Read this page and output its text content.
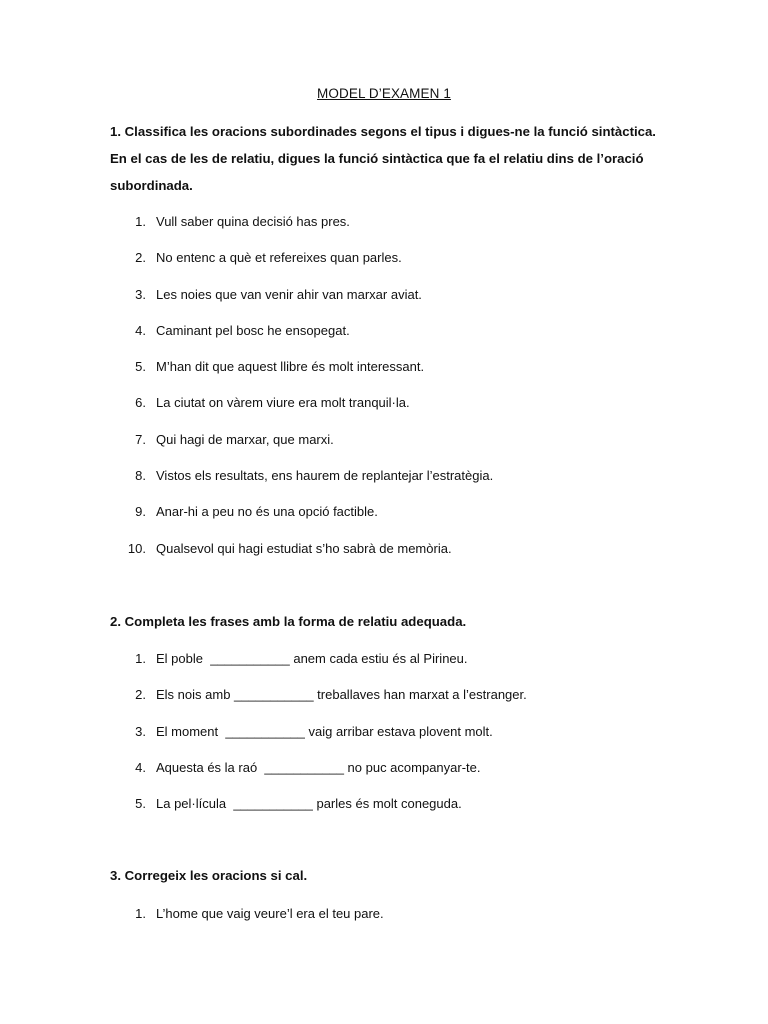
MODEL D’EXAMEN 1
1. Classifica les oracions subordinades segons el tipus i digues-ne la funció sintàctica. En el cas de les de relatiu, digues la funció sintàctica que fa el relatiu dins de l’oració subordinada.
1. Vull saber quina decisió has pres.
2. No entenc a què et refereixes quan parles.
3. Les noies que van venir ahir van marxar aviat.
4. Caminant pel bosc he ensopegat.
5. M’han dit que aquest llibre és molt interessant.
6. La ciutat on vàrem viure era molt tranquil·la.
7. Qui hagi de marxar, que marxi.
8. Vistos els resultats, ens haurem de replantejar l’estratègia.
9. Anar-hi a peu no és una opció factible.
10. Qualsevol qui hagi estudiat s’ho sabrà de memòria.
2. Completa les frases amb la forma de relatiu adequada.
1. El poble  ___________ anem cada estiu és al Pirineu.
2. Els nois amb ___________ treballaves han marxat a l’estranger.
3. El moment  ___________ vaig arribar estava plovent molt.
4. Aquesta és la raó  ___________ no puc acompanyar-te.
5. La pel·lícula  ___________ parles és molt coneguda.
3. Corregeix les oracions si cal.
1. L’home que vaig veure’l era el teu pare.
